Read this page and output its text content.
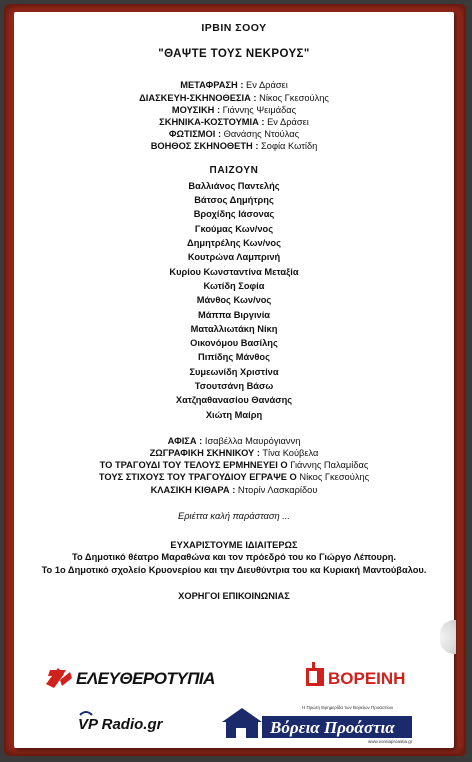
ΙΡΒΙΝ ΣΟΟΥ
"ΘΑΨΤΕ ΤΟΥΣ ΝΕΚΡΟΥΣ"
ΜΕΤΑΦΡΑΣΗ : Εν Δράσει
ΔΙΑΣΚΕΥΗ-ΣΚΗΝΟΘΕΣΙΑ : Νίκος Γκεσούλης
ΜΟΥΣΙΚΗ : Γιάννης Ψειμάδας
ΣΚΗΝΙΚΑ-ΚΟΣΤΟΥΜΙΑ : Εν Δράσει
ΦΩΤΙΣΜΟΙ : Θανάσης Ντούλας
ΒΟΗΘΟΣ ΣΚΗΝΟΘΕΤΗ : Σοφία Κωτίδη
ΠΑΙΖΟΥΝ
Βαλλιάνος Παντελής
Βάτσος Δημήτρης
Βροχίδης Ιάσονας
Γκούμας Κων/νος
Δημητρέλης Κων/νος
Κουτρώνα Λαμπρινή
Κυρίου Κωνσταντίνα Μεταξία
Κωτίδη Σοφία
Μάνθος Κων/νος
Μάππα Βιργινία
Ματαλλιωτάκη Νίκη
Οικονόμου Βασίλης
Πιπίδης Μάνθος
Συμεωνίδη Χριστίνα
Τσουτσάνη Βάσω
Χατζηαθανασίου Θανάσης
Χιώτη Μαίρη
ΑΦΙΣΑ : Ισαβέλλα Μαυρόγιαννη
ΖΩΓΡΑΦΙΚΗ ΣΚΗΝΙΚΟΥ : Τίνα Κούβελα
ΤΟ ΤΡΑΓΟΥΔΙ ΤΟΥ ΤΕΛΟΥΣ ΕΡΜΗΝΕΥΕΙ Ο Γιάννης Παλαμίδας
ΤΟΥΣ ΣΤΙΧΟΥΣ ΤΟΥ ΤΡΑΓΟΥΔΙΟΥ ΕΓΡΑΨΕ Ο Νίκος Γκεσούλης
ΚΛΑΣΙΚΗ ΚΙΘΑΡΑ : Ντορίν Λασκαρίδου
Εριέττα καλή παράσταση ...
ΕΥΧΑΡΙΣΤΟΥΜΕ ΙΔΙΑΙΤΕΡΩΣ
Το Δημοτικό θέατρο Μαραθώνα και τον πρόεδρό του κο Γιώργο Λέπουρη.
Το 1ο Δημοτικό σχολείο Κρυονερίου και την Διευθύντρια του κα Κυριακή Μαντούβαλου.
ΧΟΡΗΓΟΙ ΕΠΙΚΟΙΝΩΝΙΑΣ
ΕΛΕΥΘΕΡΟΤΥΠΙΑ	ΒΟΡΕΙΝΗ
VP Radio.gr
Η Πρώτη Εφημερίδα των Βορείων Προαστίων
Βόρεια Προάστια
www.voreiaproastia.gr
